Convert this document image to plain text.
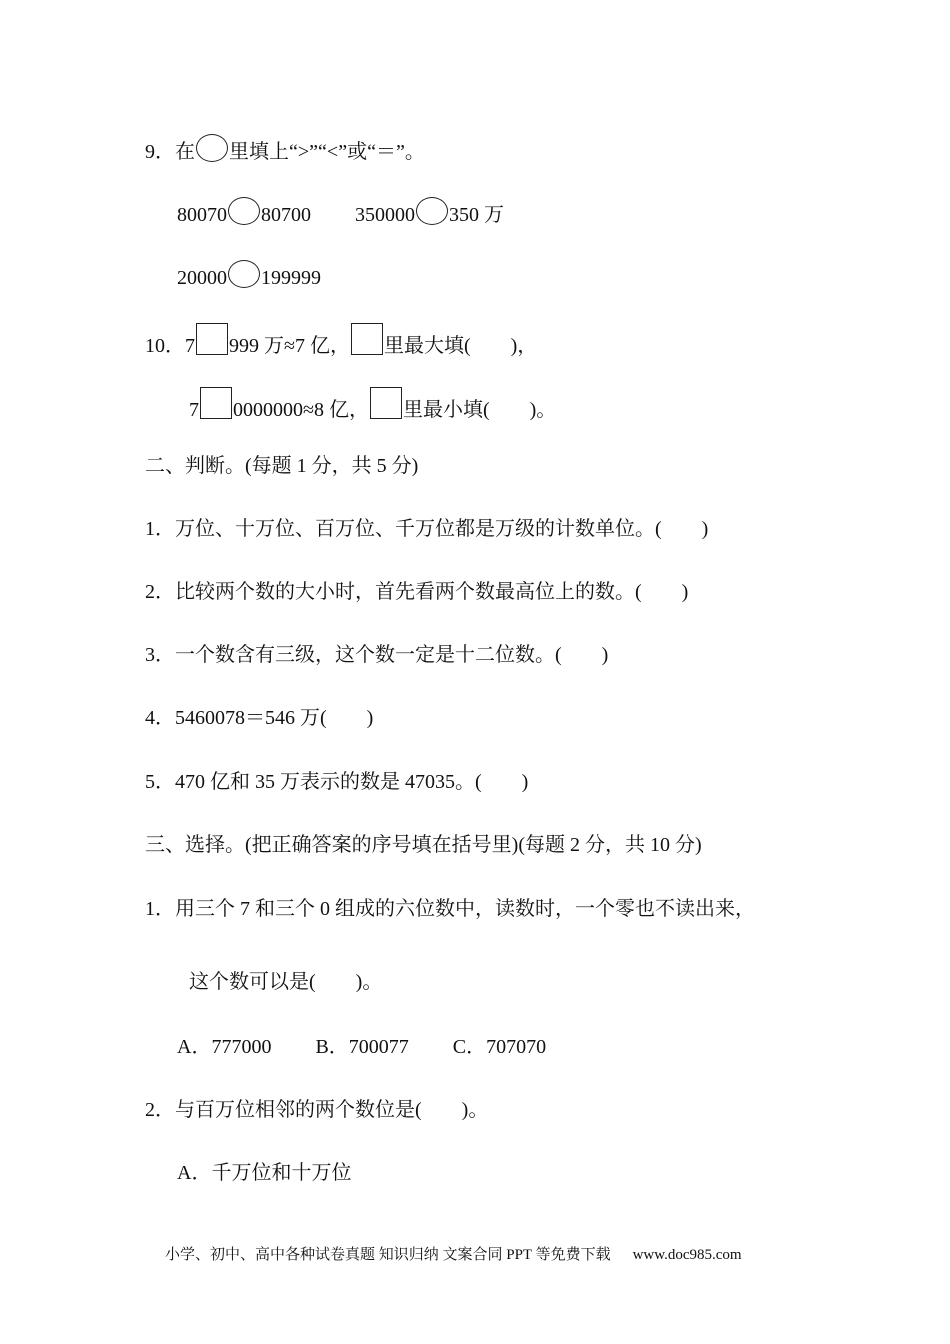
9．在 里填上“>”“<”或“＝”。
80070 80700 350000 350 万
20000 199999
10．7 999 万≈7 亿， 里最大填(　　)，
7 0000000≈8 亿， 里最小填(　　)。
二、判断。(每题 1 分，共 5 分)
1．万位、十万位、百万位、千万位都是万级的计数单位。(　　)
2．比较两个数的大小时，首先看两个数最高位上的数。(　　)
3．一个数含有三级，这个数一定是十二位数。(　　)
4．5460078＝546 万(　　)
5．470 亿和 35 万表示的数是 47035。(　　)
三、选择。(把正确答案的序号填在括号里)(每题 2 分，共 10 分)
1．用三个 7 和三个 0 组成的六位数中，读数时，一个零也不读出来，
这个数可以是(　　)。
A．777000 B．700077 C．707070
2．与百万位相邻的两个数位是(　　)。
A．千万位和十万位
小学、初中、高中各种试卷真题 知识归纳 文案合同 PPT 等免费下载 www.doc985.com
